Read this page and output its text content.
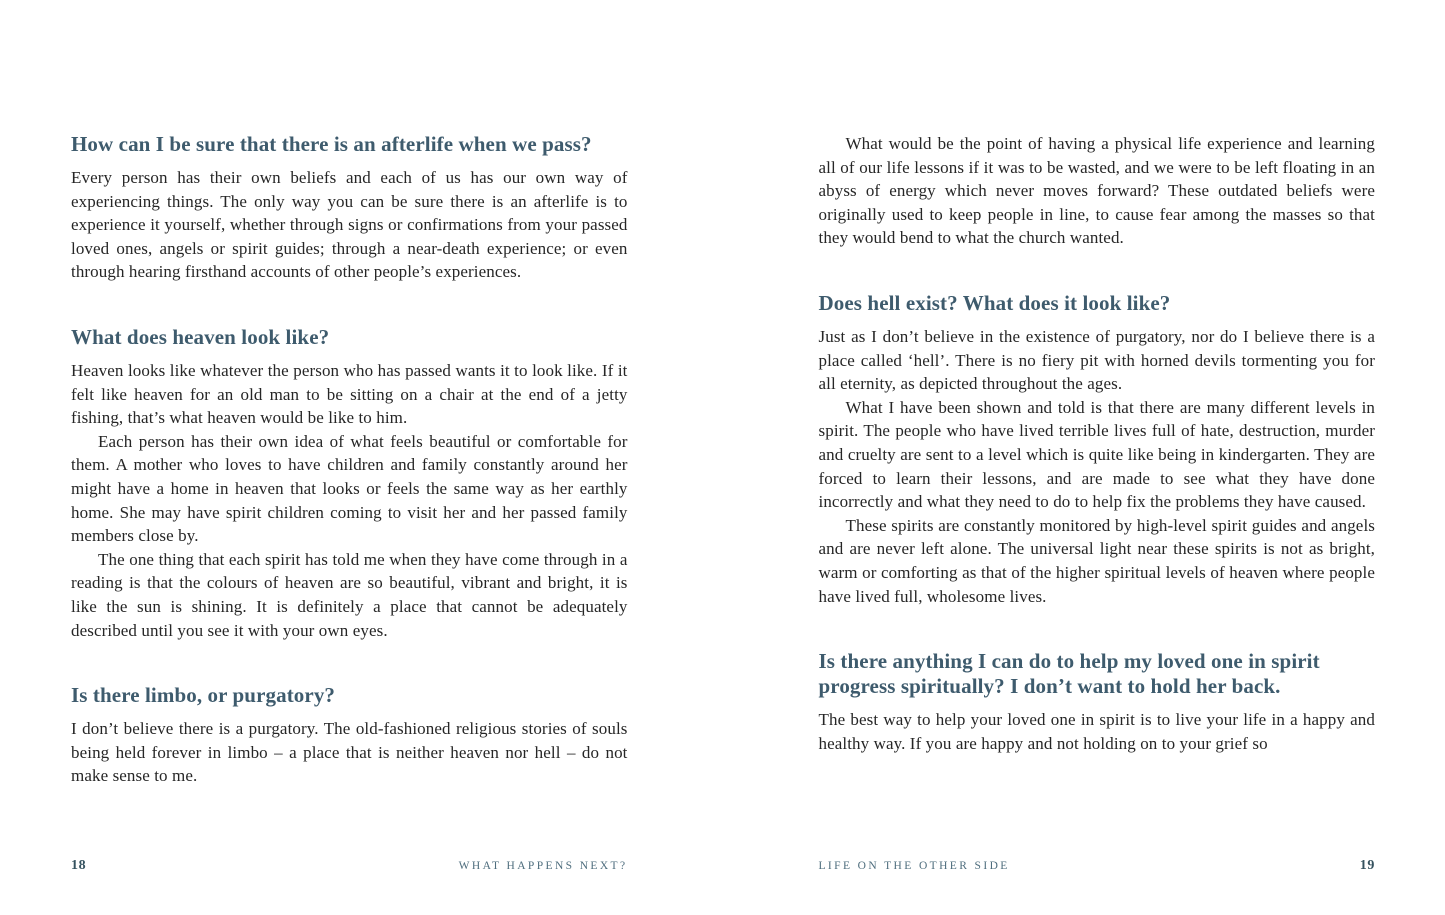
How can I be sure that there is an afterlife when we pass?

Every person has their own beliefs and each of us has our own way of experiencing things. The only way you can be sure there is an afterlife is to experience it yourself, whether through signs or confirmations from your passed loved ones, angels or spirit guides; through a near-death experience; or even through hearing firsthand accounts of other people’s experiences.

What does heaven look like?

Heaven looks like whatever the person who has passed wants it to look like. If it felt like heaven for an old man to be sitting on a chair at the end of a jetty fishing, that’s what heaven would be like to him.

Each person has their own idea of what feels beautiful or comfortable for them. A mother who loves to have children and family constantly around her might have a home in heaven that looks or feels the same way as her earthly home. She may have spirit children coming to visit her and her passed family members close by.

The one thing that each spirit has told me when they have come through in a reading is that the colours of heaven are so beautiful, vibrant and bright, it is like the sun is shining. It is definitely a place that cannot be adequately described until you see it with your own eyes.

Is there limbo, or purgatory?

I don’t believe there is a purgatory. The old-fashioned religious stories of souls being held forever in limbo – a place that is neither heaven nor hell – do not make sense to me.

18	WHAT HAPPENS NEXT?

What would be the point of having a physical life experience and learning all of our life lessons if it was to be wasted, and we were to be left floating in an abyss of energy which never moves forward? These outdated beliefs were originally used to keep people in line, to cause fear among the masses so that they would bend to what the church wanted.

Does hell exist? What does it look like?

Just as I don’t believe in the existence of purgatory, nor do I believe there is a place called ‘hell’. There is no fiery pit with horned devils tormenting you for all eternity, as depicted throughout the ages.

What I have been shown and told is that there are many different levels in spirit. The people who have lived terrible lives full of hate, destruction, murder and cruelty are sent to a level which is quite like being in kindergarten. They are forced to learn their lessons, and are made to see what they have done incorrectly and what they need to do to help fix the problems they have caused.

These spirits are constantly monitored by high-level spirit guides and angels and are never left alone. The universal light near these spirits is not as bright, warm or comforting as that of the higher spiritual levels of heaven where people have lived full, wholesome lives.

Is there anything I can do to help my loved one in spirit progress spiritually? I don’t want to hold her back.

The best way to help your loved one in spirit is to live your life in a happy and healthy way. If you are happy and not holding on to your grief so

LIFE ON THE OTHER SIDE	19
